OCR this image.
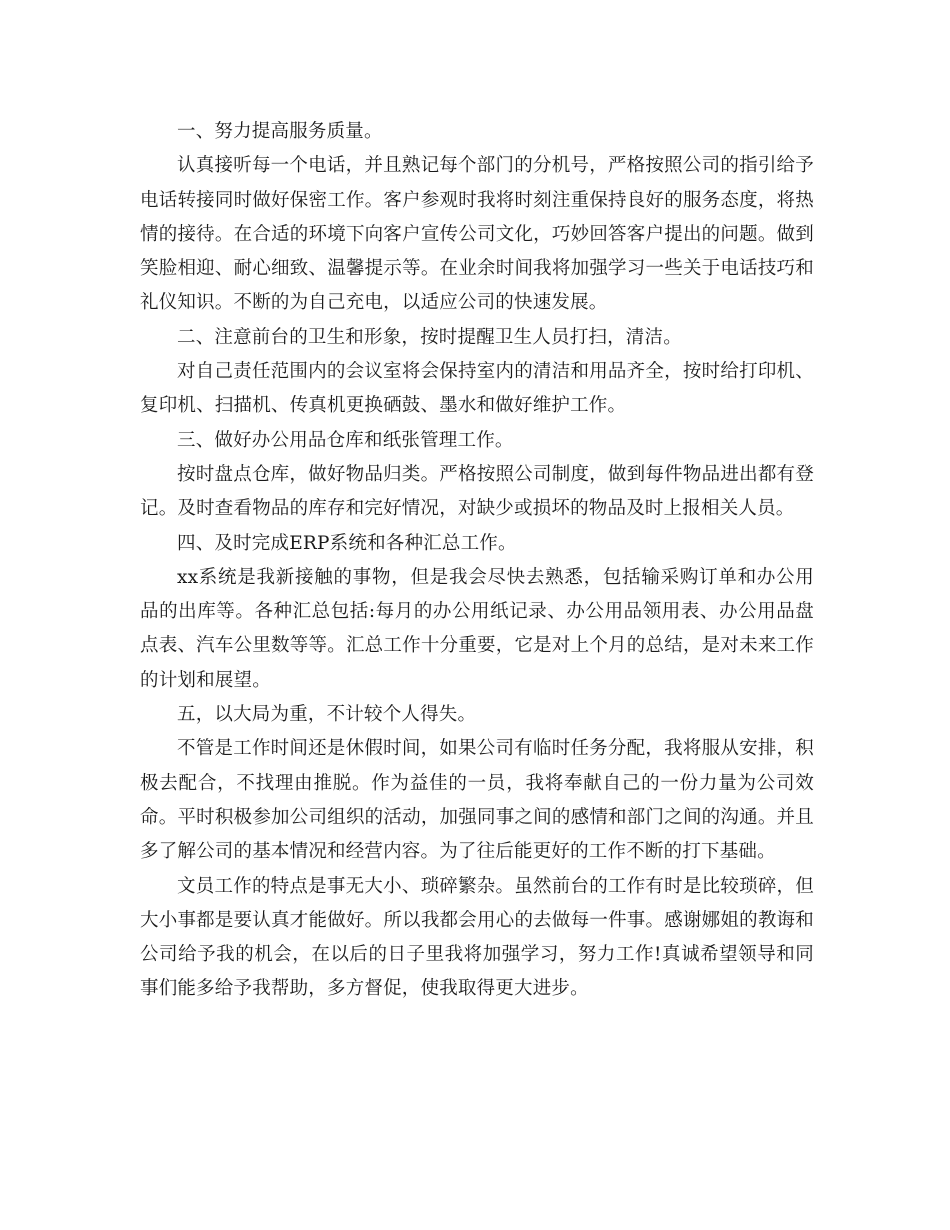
一、努力提高服务质量。

认真接听每一个电话，并且熟记每个部门的分机号，严格按照公司的指引给予电话转接同时做好保密工作。客户参观时我将时刻注重保持良好的服务态度，将热情的接待。在合适的环境下向客户宣传公司文化，巧妙回答客户提出的问题。做到笑脸相迎、耐心细致、温馨提示等。在业余时间我将加强学习一些关于电话技巧和礼仪知识。不断的为自己充电，以适应公司的快速发展。

二、注意前台的卫生和形象，按时提醒卫生人员打扫，清洁。

对自己责任范围内的会议室将会保持室内的清洁和用品齐全，按时给打印机、复印机、扫描机、传真机更换硒鼓、墨水和做好维护工作。

三、做好办公用品仓库和纸张管理工作。

按时盘点仓库，做好物品归类。严格按照公司制度，做到每件物品进出都有登记。及时查看物品的库存和完好情况，对缺少或损坏的物品及时上报相关人员。

四、及时完成ERP系统和各种汇总工作。

xx系统是我新接触的事物，但是我会尽快去熟悉，包括输采购订单和办公用品的出库等。各种汇总包括:每月的办公用纸记录、办公用品领用表、办公用品盘点表、汽车公里数等等。汇总工作十分重要，它是对上个月的总结，是对未来工作的计划和展望。

五，以大局为重，不计较个人得失。

不管是工作时间还是休假时间，如果公司有临时任务分配，我将服从安排，积极去配合，不找理由推脱。作为益佳的一员，我将奉献自己的一份力量为公司效命。平时积极参加公司组织的活动，加强同事之间的感情和部门之间的沟通。并且多了解公司的基本情况和经营内容。为了往后能更好的工作不断的打下基础。

文员工作的特点是事无大小、琐碎繁杂。虽然前台的工作有时是比较琐碎，但大小事都是要认真才能做好。所以我都会用心的去做每一件事。感谢娜姐的教诲和公司给予我的机会，在以后的日子里我将加强学习，努力工作!真诚希望领导和同事们能多给予我帮助，多方督促，使我取得更大进步。
